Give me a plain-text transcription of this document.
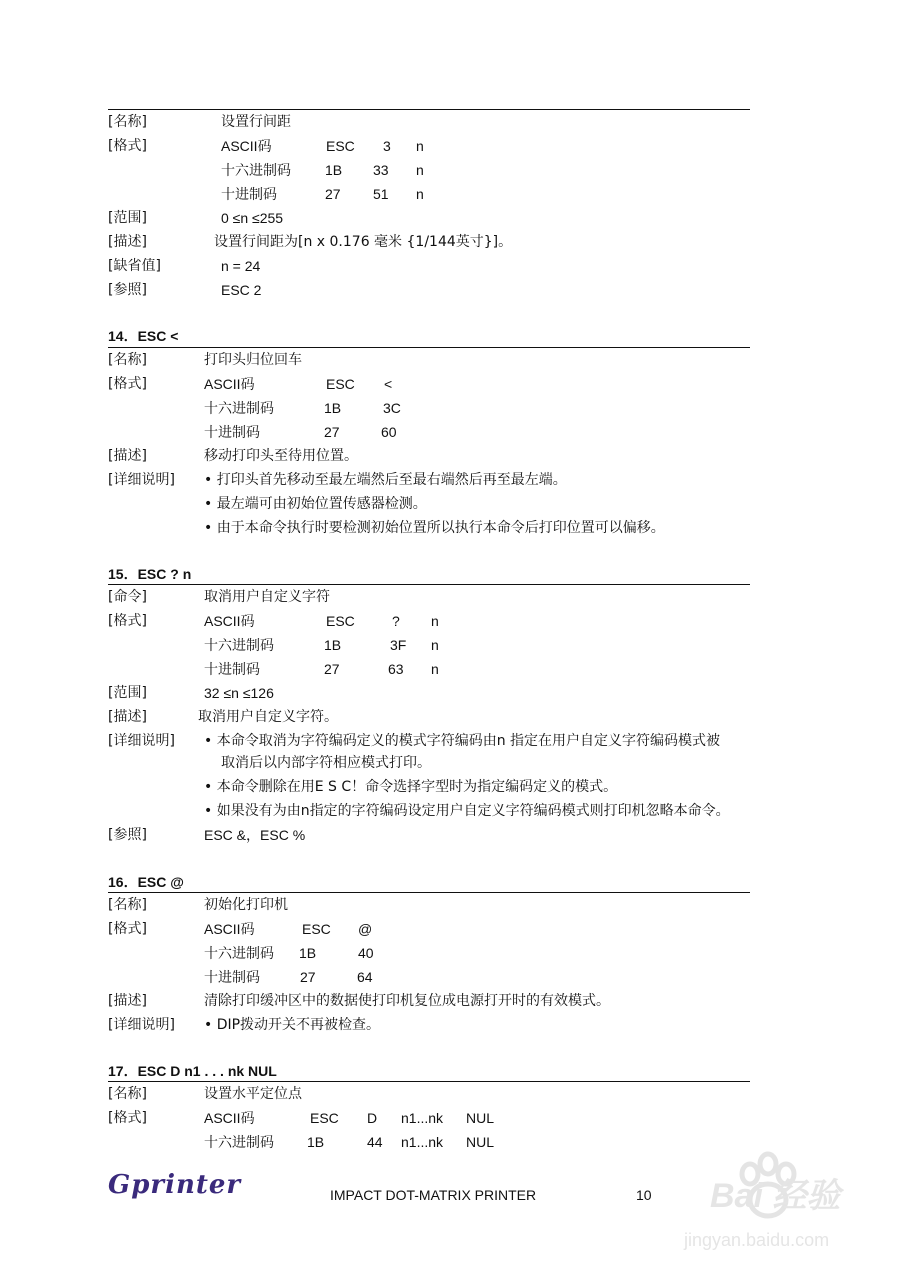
[名称]	设置行间距
[格式]	ASCII码	ESC 3 n
十六进制码 1B 33 n
十进制码	27 51 n
[范围]	0 ≤n ≤255
[描述]	设置行间距为[n x 0.176 毫米 {1/144英寸}]。
[缺省值]	n = 24
[参照]	ESC 2
14．ESC <
[名称]	打印头归位回车
[格式]	ASCII码	ESC <
十六进制码	1B	3C
十进制码	27	60
[描述]	移动打印头至待用位置。
[详细说明] • 打印头首先移动至最左端然后至最右端然后再至最左端。
• 最左端可由初始位置传感器检测。
• 由于本命令执行时要检测初始位置所以执行本命令后打印位置可以偏移。
15．ESC ? n
[命令]	取消用户自定义字符
[格式]	ASCII码	ESC	? n
十六进制码	1B	3F n
十进制码	27	63 n
[范围]	32 ≤n ≤126
[描述]	取消用户自定义字符。
[详细说明] • 本命令取消为字符编码定义的模式字符编码由n 指定在用户自定义字符编码模式被
取消后以内部字符相应模式打印。
• 本命令删除在用E S C！命令选择字型时为指定编码定义的模式。
• 如果没有为由n指定的字符编码设定用户自定义字符编码模式则打印机忽略本命令。
[参照]	ESC &，ESC %
16．ESC @
[名称]	初始化打印机
[格式]	ASCII码	ESC @
十六进制码 1B	40
十进制码	27	64
[描述]	清除打印缓冲区中的数据使打印机复位成电源打开时的有效模式。
[详细说明] • DIP拨动开关不再被检查。
17．ESC D n1 . . . nk NUL
[名称]	设置水平定位点
[格式]	ASCII码	ESC D n1...nk NUL
十六进制码 1B	44 n1...nk NUL
Gprinter	IMPACT DOT-MATRIX PRINTER	10 Bai 经验
jingyan.baidu.com
